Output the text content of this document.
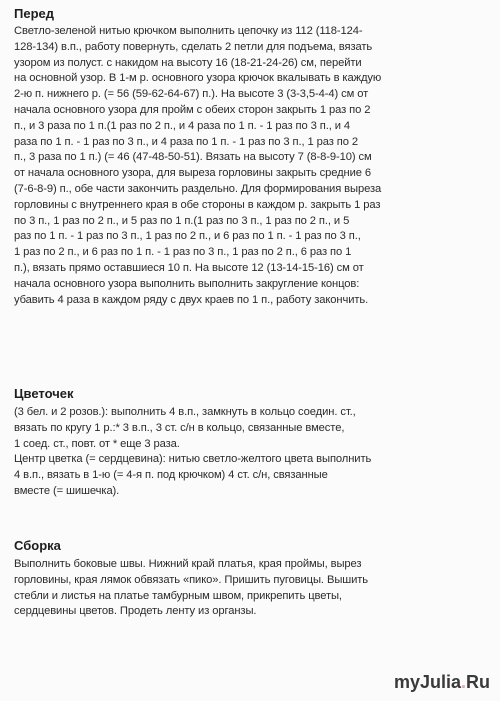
Перед
Светло-зеленой нитью крючком выполнить цепочку из 112 (118-124-
128-134) в.п., работу повернуть, сделать 2 петли для подъема, вязать
узором из полуст. с накидом на высоту 16 (18-21-24-26) см, перейти
на основной узор. В 1-м р. основного узора крючок вкалывать в каждую
2-ю п. нижнего р. (= 56 (59-62-64-67) п.). На высоте 3 (3-3,5-4-4) см от
начала основного узора для пройм с обеих сторон закрыть 1 раз по 2
п., и 3 раза по 1 п.(1 раз по 2 п., и 4 раза по 1 п. - 1 раз по 3 п., и 4
раза по 1 п. - 1 раз по 3 п., и 4 раза по 1 п. - 1 раз по 3 п., 1 раз по 2
п., 3 раза по 1 п.) (= 46 (47-48-50-51). Вязать на высоту 7 (8-8-9-10) см
от начала основного узора, для выреза горловины закрыть средние 6
(7-6-8-9) п., обе части закончить раздельно. Для формирования выреза
горловины с внутреннего края в обе стороны в каждом р. закрыть 1 раз
по 3 п., 1 раз по 2 п., и 5 раз по 1 п.(1 раз по 3 п., 1 раз по 2 п., и 5
раз по 1 п. - 1 раз по 3 п., 1 раз по 2 п., и 6 раз по 1 п. - 1 раз по 3 п.,
1 раз по 2 п., и 6 раз по 1 п. - 1 раз по 3 п., 1 раз по 2 п., 6 раз по 1
п.), вязать прямо оставшиеся 10 п. На высоте 12 (13-14-15-16) см от
начала основного узора выполнить выполнить закругление концов:
убавить 4 раза в каждом ряду с двух краев по 1 п., работу закончить.
Цветочек
(3 бел. и 2 розов.): выполнить 4 в.п., замкнуть в кольцо соедин. ст.,
вязать по кругу 1 р.:* 3 в.п., 3 ст. с/н в кольцо, связанные вместе,
1 соед. ст., повт. от * еще 3 раза.
Центр цветка (= сердцевина): нитью светло-желтого цвета выполнить
4 в.п., вязать в 1-ю (= 4-я п. под крючком) 4 ст. с/н, связанные
вместе (= шишечка).
Сборка
Выполнить боковые швы. Нижний край платья, края проймы, вырез
горловины, края лямок обвязать «пико». Пришить пуговицы. Вышить
стебли и листья на платье тамбурным швом, прикрепить цветы,
сердцевины цветов. Продеть ленту из органзы.
myJulia.Ru
